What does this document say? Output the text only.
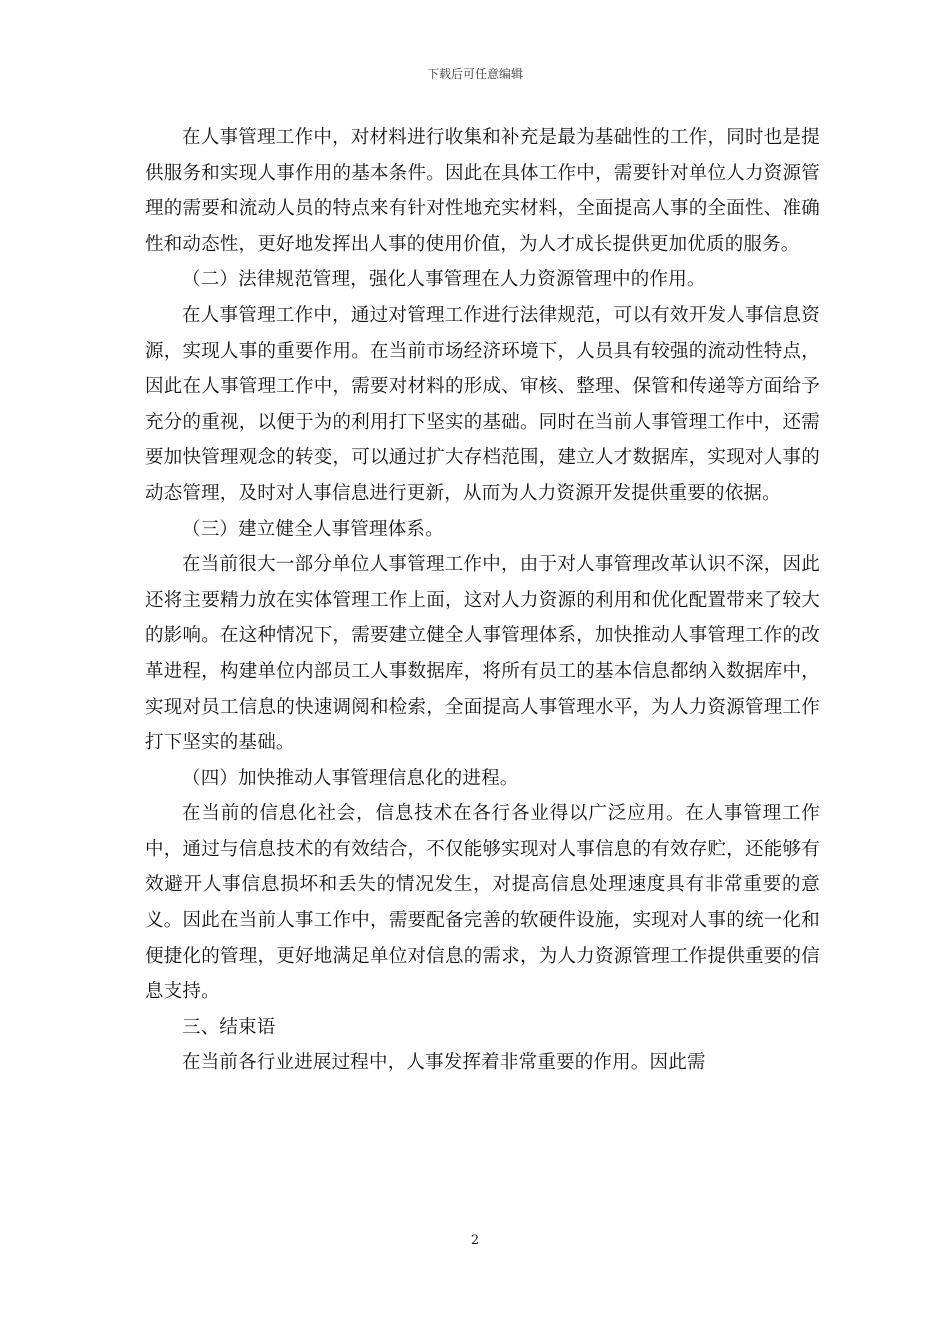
下载后可任意编辑

在人事管理工作中，对材料进行收集和补充是最为基础性的工作，同时也是提供服务和实现人事作用的基本条件。因此在具体工作中，需要针对单位人力资源管理的需要和流动人员的特点来有针对性地充实材料，全面提高人事的全面性、准确性和动态性，更好地发挥出人事的使用价值，为人才成长提供更加优质的服务。

（二）法律规范管理，强化人事管理在人力资源管理中的作用。

在人事管理工作中，通过对管理工作进行法律规范，可以有效开发人事信息资源，实现人事的重要作用。在当前市场经济环境下，人员具有较强的流动性特点，因此在人事管理工作中，需要对材料的形成、审核、整理、保管和传递等方面给予充分的重视，以便于为的利用打下坚实的基础。同时在当前人事管理工作中，还需要加快管理观念的转变，可以通过扩大存档范围，建立人才数据库，实现对人事的动态管理，及时对人事信息进行更新，从而为人力资源开发提供重要的依据。

（三）建立健全人事管理体系。

在当前很大一部分单位人事管理工作中，由于对人事管理改革认识不深，因此还将主要精力放在实体管理工作上面，这对人力资源的利用和优化配置带来了较大的影响。在这种情况下，需要建立健全人事管理体系，加快推动人事管理工作的改革进程，构建单位内部员工人事数据库，将所有员工的基本信息都纳入数据库中，实现对员工信息的快速调阅和检索，全面提高人事管理水平，为人力资源管理工作打下坚实的基础。

（四）加快推动人事管理信息化的进程。

在当前的信息化社会，信息技术在各行各业得以广泛应用。在人事管理工作中，通过与信息技术的有效结合，不仅能够实现对人事信息的有效存贮，还能够有效避开人事信息损坏和丢失的情况发生，对提高信息处理速度具有非常重要的意义。因此在当前人事工作中，需要配备完善的软硬件设施，实现对人事的统一化和便捷化的管理，更好地满足单位对信息的需求，为人力资源管理工作提供重要的信息支持。

三、结束语

在当前各行业进展过程中，人事发挥着非常重要的作用。因此需

2
